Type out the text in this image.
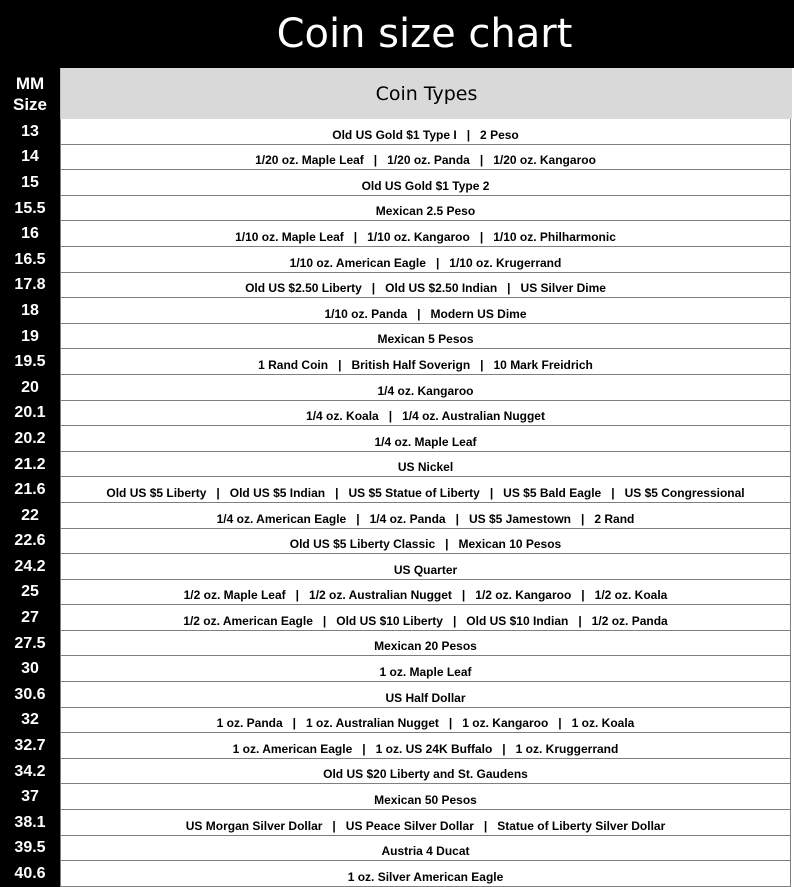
Coin size chart
MM
Size	Coin Types
13	Old US Gold $1 Type I   |   2 Peso
14	1/20 oz. Maple Leaf   |   1/20 oz. Panda   |   1/20 oz. Kangaroo
15	Old US Gold $1 Type 2
15.5	Mexican 2.5 Peso
16	1/10 oz. Maple Leaf   |   1/10 oz. Kangaroo   |   1/10 oz. Philharmonic
16.5	1/10 oz. American Eagle   |   1/10 oz. Krugerrand
17.8	Old US $2.50 Liberty   |   Old US $2.50 Indian   |   US Silver Dime
18	1/10 oz. Panda   |   Modern US Dime
19	Mexican 5 Pesos
19.5	1 Rand Coin   |   British Half Soverign   |   10 Mark Freidrich
20	1/4 oz. Kangaroo
20.1	1/4 oz. Koala   |   1/4 oz. Australian Nugget
20.2	1/4 oz. Maple Leaf
21.2	US Nickel
21.6	Old US $5 Liberty   |   Old US $5 Indian   |   US $5 Statue of Liberty   |   US $5 Bald Eagle   |   US $5 Congressional
22	1/4 oz. American Eagle   |   1/4 oz. Panda   |   US $5 Jamestown   |   2 Rand
22.6	Old US $5 Liberty Classic   |   Mexican 10 Pesos
24.2	US Quarter
25	1/2 oz. Maple Leaf   |   1/2 oz. Australian Nugget   |   1/2 oz. Kangaroo   |   1/2 oz. Koala
27	1/2 oz. American Eagle   |   Old US $10 Liberty   |   Old US $10 Indian   |   1/2 oz. Panda
27.5	Mexican 20 Pesos
30	1 oz. Maple Leaf
30.6	US Half Dollar
32	1 oz. Panda   |   1 oz. Australian Nugget   |   1 oz. Kangaroo   |   1 oz. Koala
32.7	1 oz. American Eagle   |   1 oz. US 24K Buffalo   |   1 oz. Kruggerrand
34.2	Old US $20 Liberty and St. Gaudens
37	Mexican 50 Pesos
38.1	US Morgan Silver Dollar   |   US Peace Silver Dollar   |   Statue of Liberty Silver Dollar
39.5	Austria 4 Ducat
40.6	1 oz. Silver American Eagle
